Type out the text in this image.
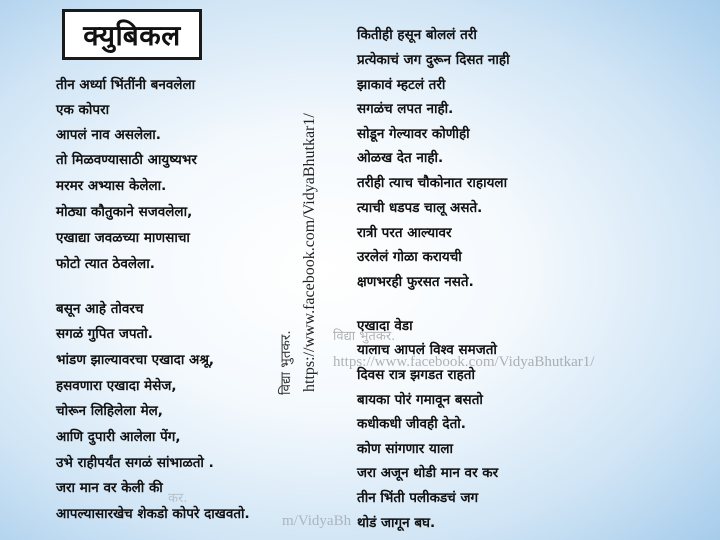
क्युबिकल
तीन अर्ध्या भिंतींनी बनवलेला
एक कोपरा
आपलं नाव असलेला.
तो मिळवण्यासाठी आयुष्यभर
मरमर अभ्यास केलेला.
मोठ्या कौतुकाने सजवलेला,
एखाद्या जवळच्या माणसाचा
फोटो त्यात ठेवलेला.
बसून आहे तोवरच
सगळं गुपित जपतो.
भांडण झाल्यावरचा एखादा अश्रू,
हसवणारा एखादा मेसेज,
चोरून लिहिलेला मेल,
आणि दुपारी आलेला पेंग,
उभे राहीपर्यंत सगळं सांभाळतो .
जरा मान वर केली की
आपल्यासारखेच शेकडो कोपरे दाखवतो.
कितीही हसून बोललं तरी
प्रत्येकाचं जग दुरून दिसत नाही
झाकावं म्हटलं तरी
सगळंच लपत नाही.
सोडून गेल्यावर कोणीही
ओळख देत नाही.
तरीही त्याच चौकोनात राहायला
त्याची धडपड चालू असते.
रात्री परत आल्यावर
उरलेलं गोळा करायची
क्षणभरही फुरसत नसते.
एखादा वेडा
यालाच आपलं विश्व समजतो
दिवस रात्र झगडत राहतो
बायका पोरं गमावून बसतो
कधीकधी जीवही देतो.
कोण सांगणार याला
जरा अजून थोडी मान वर कर
तीन भिंती पलीकडचं जग
थोडं जागून बघ.
विद्या भुतकर. https://www.facebook.com/VidyaBhutkar1/ विद्या भुतकर.
https://www.facebook.com/VidyaBhutkar1/
कर.
m/VidyaBh
